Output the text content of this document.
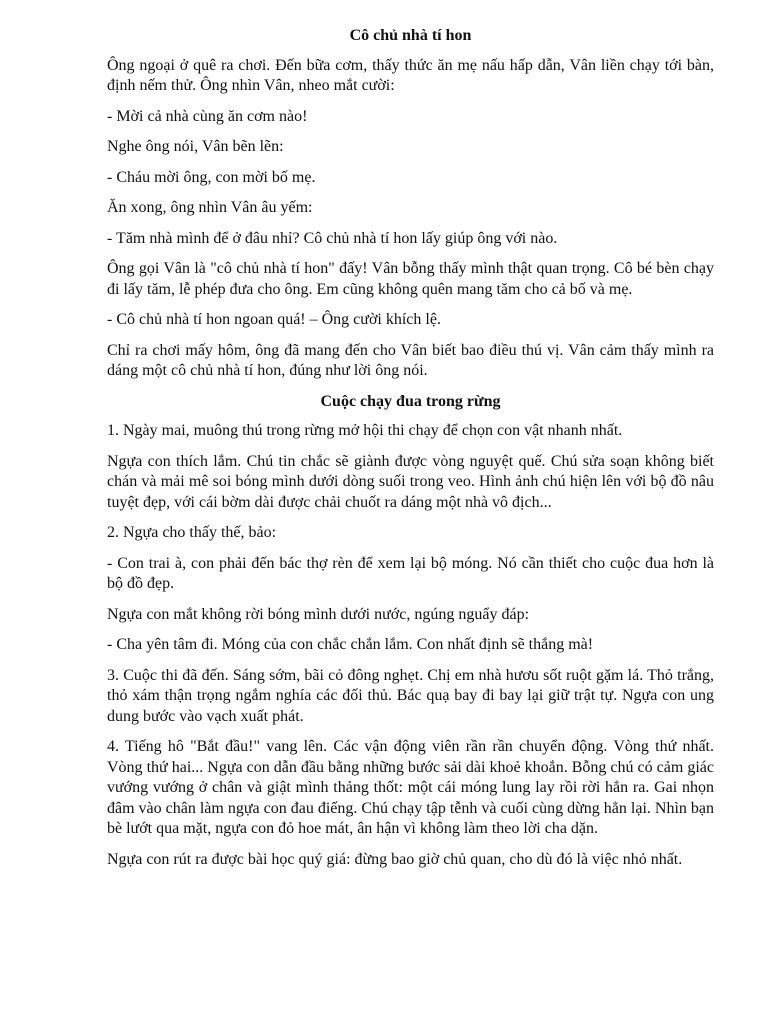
Cô chủ nhà tí hon

Ông ngoại ở quê ra chơi. Đến bữa cơm, thấy thức ăn mẹ nấu hấp dẫn, Vân liền chạy tới bàn, định nếm thử. Ông nhìn Vân, nheo mắt cười:

- Mời cả nhà cùng ăn cơm nào!

Nghe ông nói, Vân bẽn lẽn:

- Cháu mời ông, con mời bố mẹ.

Ăn xong, ông nhìn Vân âu yếm:

- Tăm nhà mình để ở đâu nhỉ? Cô chủ nhà tí hon lấy giúp ông với nào.

Ông gọi Vân là "cô chủ nhà tí hon" đấy! Vân bỗng thấy mình thật quan trọng. Cô bé bèn chạy đi lấy tăm, lễ phép đưa cho ông. Em cũng không quên mang tăm cho cả bố và mẹ.

- Cô chủ nhà tí hon ngoan quá! – Ông cười khích lệ.

Chỉ ra chơi mấy hôm, ông đã mang đến cho Vân biết bao điều thú vị. Vân cảm thấy mình ra dáng một cô chủ nhà tí hon, đúng như lời ông nói.

Cuộc chạy đua trong rừng

1. Ngày mai, muông thú trong rừng mở hội thi chạy để chọn con vật nhanh nhất.

Ngựa con thích lắm. Chú tin chắc sẽ giành được vòng nguyệt quế. Chú sửa soạn không biết chán và mải mê soi bóng mình dưới dòng suối trong veo. Hình ảnh chú hiện lên với bộ đồ nâu tuyệt đẹp, với cái bờm dài được chải chuốt ra dáng một nhà vô địch...

2. Ngựa cho thấy thế, bảo:

- Con trai à, con phải đến bác thợ rèn để xem lại bộ móng. Nó cần thiết cho cuộc đua hơn là bộ đồ đẹp.

Ngựa con mắt không rời bóng mình dưới nước, ngúng nguẩy đáp:

- Cha yên tâm đi. Móng của con chắc chắn lắm. Con nhất định sẽ thắng mà!

3. Cuộc thi đã đến. Sáng sớm, bãi cỏ đông nghẹt. Chị em nhà hươu sốt ruột gặm lá. Thỏ trắng, thỏ xám thận trọng ngắm nghía các đối thủ. Bác quạ bay đi bay lại giữ trật tự. Ngựa con ung dung bước vào vạch xuất phát.

4. Tiếng hô "Bắt đầu!" vang lên. Các vận động viên rần rần chuyển động. Vòng thứ nhất. Vòng thứ hai... Ngựa con dẫn đầu bằng những bước sải dài khoẻ khoắn. Bỗng chú có cảm giác vướng vướng ở chân và giật mình thảng thốt: một cái móng lung lay rồi rời hẳn ra. Gai nhọn đâm vào chân làm ngựa con đau điếng. Chú chạy tập tễnh và cuối cùng dừng hẳn lại. Nhìn bạn bè lướt qua mặt, ngựa con đỏ hoe mát, ân hận vì không làm theo lời cha dặn.

Ngựa con rút ra được bài học quý giá: đừng bao giờ chủ quan, cho dù đó là việc nhỏ nhất.
